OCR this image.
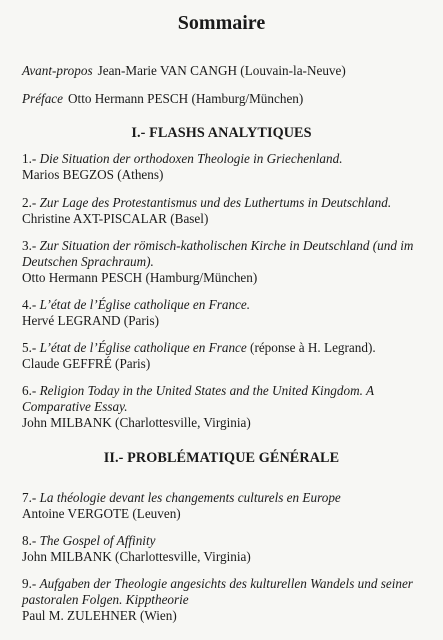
Sommaire
Avant-propos Jean-Marie VAN CANGH (Louvain-la-Neuve)
Préface Otto Hermann PESCH (Hamburg/München)
I.- FLASHS ANALYTIQUES
1.- Die Situation der orthodoxen Theologie in Griechenland.
Marios BEGZOS (Athens)
2.- Zur Lage des Protestantismus und des Luthertums in Deutschland.
Christine AXT-PISCALAR (Basel)
3.- Zur Situation der römisch-katholischen Kirche in Deutschland (und im Deutschen Sprachraum).
Otto Hermann PESCH (Hamburg/München)
4.- L’état de l’Église catholique en France.
Hervé LEGRAND (Paris)
5.- L’état de l’Église catholique en France (réponse à H. Legrand).
Claude GEFFRÉ (Paris)
6.- Religion Today in the United States and the United Kingdom. A Comparative Essay.
John MILBANK (Charlottesville, Virginia)
II.- PROBLÉMATIQUE GÉNÉRALE
7.- La théologie devant les changements culturels en Europe
Antoine VERGOTE (Leuven)
8.- The Gospel of Affinity
John MILBANK (Charlottesville, Virginia)
9.- Aufgaben der Theologie angesichts des kulturellen Wandels und seiner pastoralen Folgen. Kipptheorie
Paul M. ZULEHNER (Wien)
